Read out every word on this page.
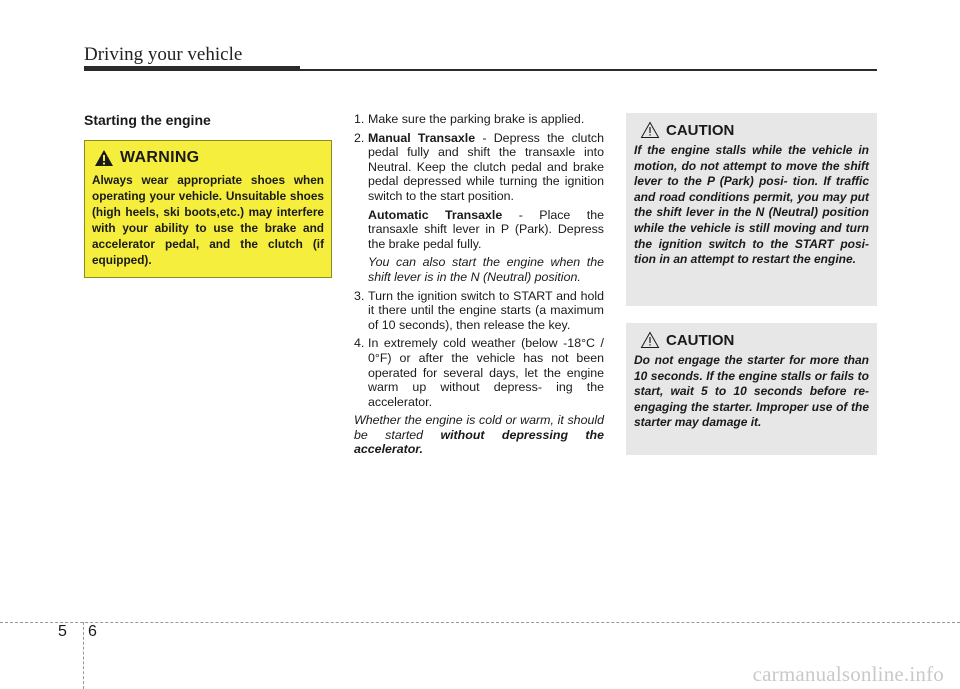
Driving your vehicle
Starting the engine
WARNING
Always wear appropriate shoes when operating your vehicle. Unsuitable shoes (high heels, ski boots,etc.) may interfere with your ability to use the brake and accelerator pedal, and the clutch (if equipped).
1. Make sure the parking brake is applied.
2. Manual Transaxle - Depress the clutch pedal fully and shift the transaxle into Neutral. Keep the clutch pedal and brake pedal depressed while turning the ignition switch to the start position.
Automatic Transaxle - Place the transaxle shift lever in P (Park). Depress the brake pedal fully.
You can also start the engine when the shift lever is in the N (Neutral) position.
3. Turn the ignition switch to START and hold it there until the engine starts (a maximum of 10 seconds), then release the key.
4. In extremely cold weather (below -18°C / 0°F) or after the vehicle has not been operated for several days, let the engine warm up without depress- ing the accelerator.
Whether the engine is cold or warm, it should be started without depressing the accelerator.
CAUTION
If the engine stalls while the vehicle in motion, do not attempt to move the shift lever to the P (Park) posi- tion. If traffic and road conditions permit, you may put the shift lever in the N (Neutral) position while the vehicle is still moving and turn the ignition switch to the START posi- tion in an attempt to restart the engine.
CAUTION
Do not engage the starter for more than 10 seconds. If the engine stalls or fails to start, wait 5 to 10 seconds before re-engaging the starter. Improper use of the starter may damage it.
5 6
carmanualsonline.info
